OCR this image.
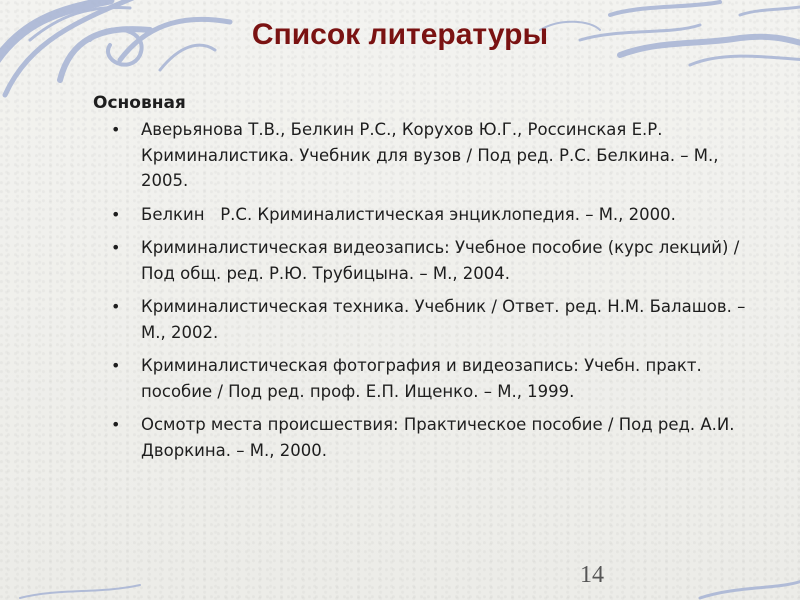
Список литературы
Основная
• Аверьянова Т.В., Белкин Р.С., Корухов Ю.Г., Россинская Е.Р. Криминалистика. Учебник для вузов / Под ред. Р.С. Белкина. – М., 2005.
• Белкин   Р.С. Криминалистическая энциклопедия. – М., 2000.
• Криминалистическая видеозапись: Учебное пособие (курс лекций) / Под общ. ред. Р.Ю. Трубицына. – М., 2004.
• Криминалистическая техника. Учебник / Ответ. ред. Н.М. Балашов. – М., 2002.
• Криминалистическая фотография и видеозапись: Учебн. практ. пособие / Под ред. проф. Е.П. Ищенко. – М., 1999.
• Осмотр места происшествия: Практическое пособие / Под ред. А.И. Дворкина. – М., 2000.
14
